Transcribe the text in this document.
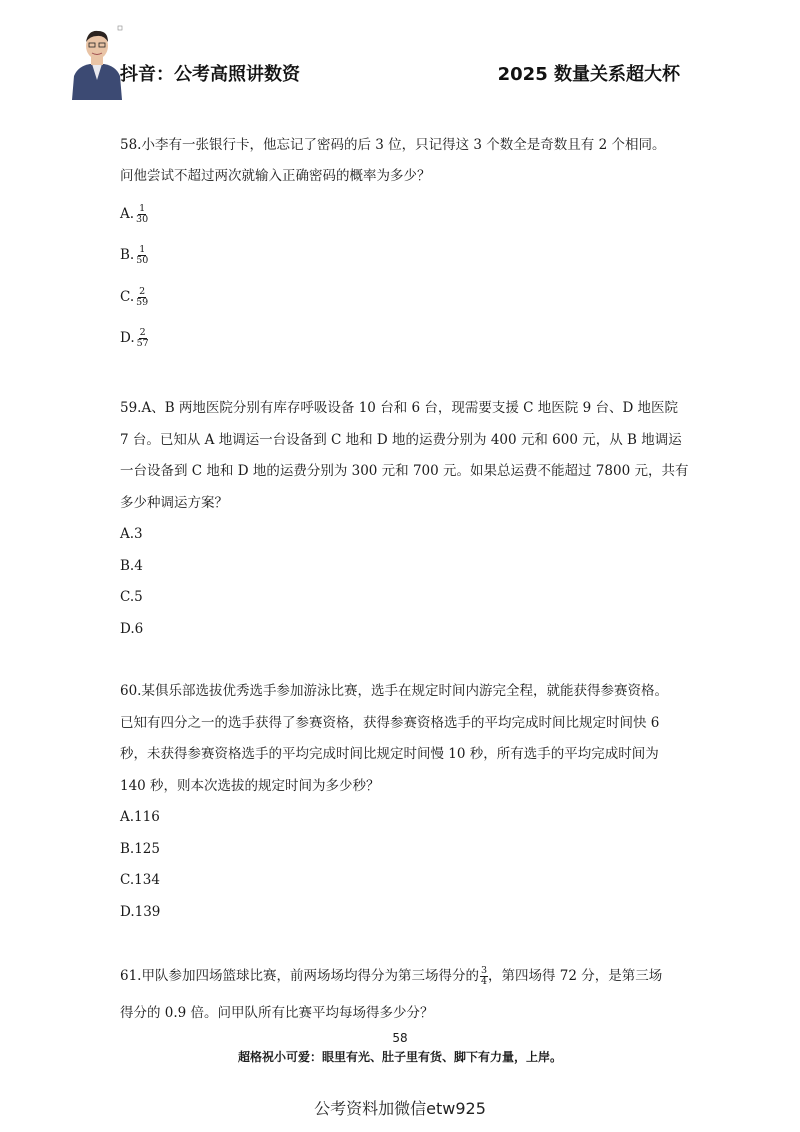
抖音：公考高照讲数资	2025 数量关系超大杯
58.小李有一张银行卡，他忘记了密码的后 3 位，只记得这 3 个数全是奇数且有 2 个相同。
问他尝试不超过两次就输入正确密码的概率为多少？
A. $\frac{1}{30}$
B. $\frac{1}{50}$
C. $\frac{2}{59}$
D. $\frac{2}{57}$
59.A、B 两地医院分别有库存呼吸设备 10 台和 6 台，现需要支援 C 地医院 9 台、D 地医院
7 台。已知从 A 地调运一台设备到 C 地和 D 地的运费分别为 400 元和 600 元，从 B 地调运
一台设备到 C 地和 D 地的运费分别为 300 元和 700 元。如果总运费不能超过 7800 元，共有
多少种调运方案？
A.3
B.4
C.5
D.6
60.某俱乐部选拔优秀选手参加游泳比赛，选手在规定时间内游完全程，就能获得参赛资格。
已知有四分之一的选手获得了参赛资格，获得参赛资格选手的平均完成时间比规定时间快 6
秒，未获得参赛资格选手的平均完成时间比规定时间慢 10 秒，所有选手的平均完成时间为
140 秒，则本次选拔的规定时间为多少秒？
A.116
B.125
C.134
D.139
61.甲队参加四场篮球比赛，前两场场均得分为第三场得分的 $\frac{3}{4}$ ，第四场得 72 分，是第三场
得分的 0.9 倍。问甲队所有比赛平均每场得多少分？
58
超格祝小可爱：眼里有光、肚子里有货、脚下有力量，上岸。
公考资料加微信etw925
